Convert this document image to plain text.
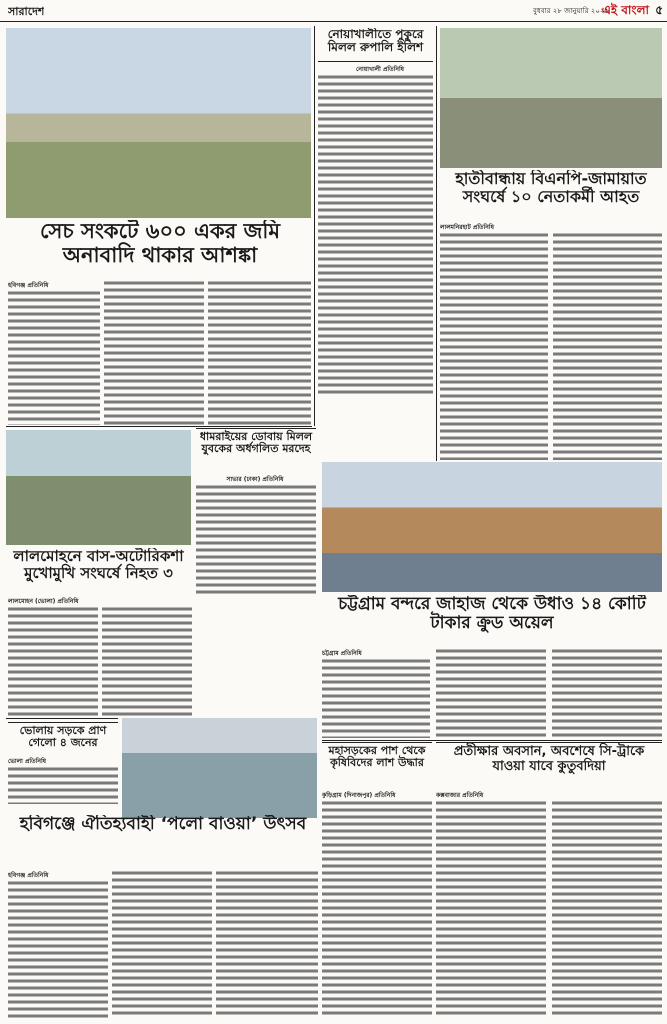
সারাদেশ	বুধবার ২৮ জানুয়ারি ২০২৬
এই বাংলা ৫
সেচ সংকটে ৬০০ একর জমি অনাবাদি থাকার আশঙ্কা
হবিগঞ্জ প্রতিনিধি
নোয়াখালীতে পুকুরে মিলল রুপালি ইলিশ
নোয়াখালী প্রতিনিধি
হাতীবান্ধায় বিএনপি-জামায়াত সংঘর্ষে ১০ নেতাকর্মী আহত
লালমনিরহাট প্রতিনিধি
ধামরাইয়ের ডোবায় মিলল যুবকের অর্ধগলিত মরদেহ
সাভার (ঢাকা) প্রতিনিধি
লালমোহনে বাস-অটোরিকশা মুখোমুখি সংঘর্ষে নিহত ৩
লালমোহন (ভোলা) প্রতিনিধি	চট্টগ্রাম বন্দরে জাহাজ থেকে উধাও ১৪ কোটি টাকার ক্রুড অয়েল
চট্টগ্রাম প্রতিনিধি
ভোলায় সড়কে প্রাণ গেলো ৪ জনের
ভোলা প্রতিনিধি
হবিগঞ্জে ঐতিহ্যবাহী ‘পলো বাওয়া’ উৎসব
হবিগঞ্জ প্রতিনিধি
মহাসড়কের পাশ থেকে কৃষিবিদের লাশ উদ্ধার
কুড়িগ্রাম (দিনাজপুর) প্রতিনিধি
প্রতীক্ষার অবসান, অবশেষে সি-ট্রাকে যাওয়া যাবে কুতুবদিয়া
কক্সবাজার প্রতিনিধি
